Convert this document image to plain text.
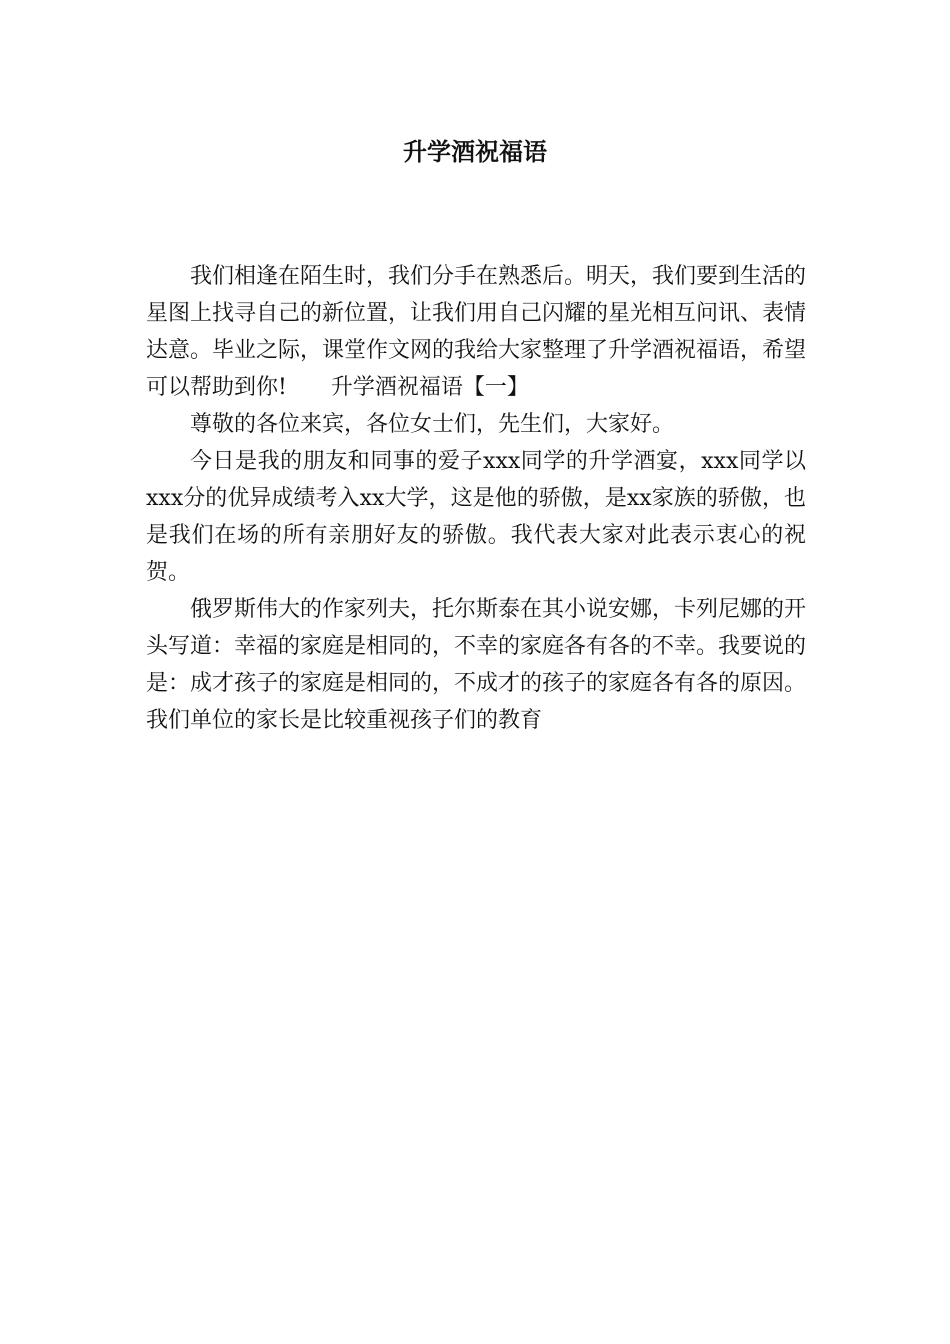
升学酒祝福语

我们相逢在陌生时，我们分手在熟悉后。明天，我们要到生活的星图上找寻自己的新位置，让我们用自己闪耀的星光相互问讯、表情达意。毕业之际，课堂作文网的我给大家整理了升学酒祝福语，希望可以帮助到你! 升学酒祝福语【一】

尊敬的各位来宾，各位女士们，先生们，大家好。

今日是我的朋友和同事的爱子xxx同学的升学酒宴，xxx同学以xxx分的优异成绩考入xx大学，这是他的骄傲，是xx家族的骄傲，也是我们在场的所有亲朋好友的骄傲。我代表大家对此表示衷心的祝贺。

俄罗斯伟大的作家列夫，托尔斯泰在其小说安娜，卡列尼娜的开头写道：幸福的家庭是相同的，不幸的家庭各有各的不幸。我要说的是：成才孩子的家庭是相同的，不成才的孩子的家庭各有各的原因。我们单位的家长是比较重视孩子们的教育
